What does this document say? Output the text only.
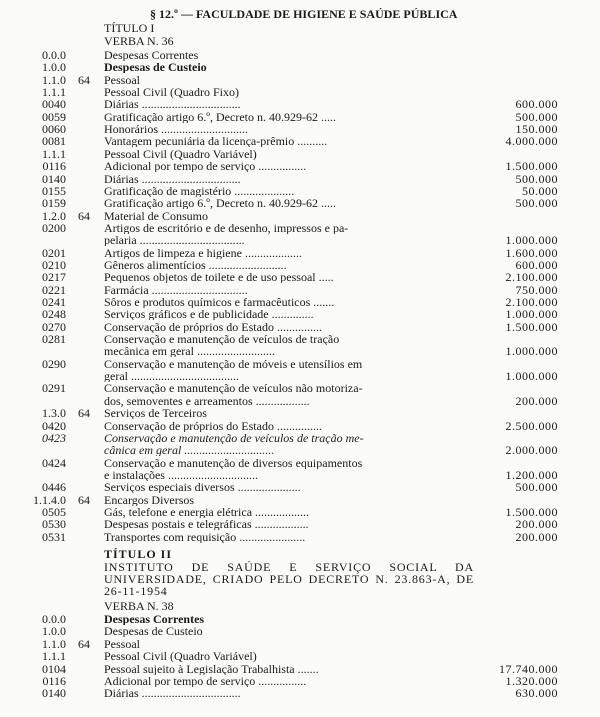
§ 12.º — FACULDADE DE HIGIENE E SAÚDE PÚBLICA
TÍTULO I
VERBA N. 36
0.0.0	Despesas Correntes
1.0.0	Despesas de Custeio
1.1.0 64	Pessoal
1.1.1	Pessoal Civil (Quadro Fixo)
0040	Diárias .................................	600.000
0059	Gratificação artigo 6.º, Decreto n. 40.929-62 .....	500.000
0060	Honorários .............................	150.000
0081	Vantagem pecuniária da licença-prêmio ..........	4.000.000
1.1.1	Pessoal Civil (Quadro Variável)
0116	Adicional por tempo de serviço ................	1.500.000
0140	Diárias .................................	500.000
0155	Gratificação de magistério ....................	50.000
0159	Gratificação artigo 6.º, Decreto n. 40.929-62 .....	500.000
1.2.0 64	Material de Consumo
0200	Artigos de escritório e de desenho, impressos e pa-
pelaria ...................................	1.000.000
0201	Artigos de limpeza e higiene ...................	1.600.000
0210	Gêneros alimentícios ..........................	600.000
0217	Pequenos objetos de toilete e de uso pessoal .....	2.100.000
0221	Farmácia ................................	750.000
0241	Sôros e produtos químicos e farmacêuticos .......	2.100.000
0248	Serviços gráficos e de publicidade ..............	1.000.000
0270	Conservação de próprios do Estado ...............	1.500.000
0281	Conservação e manutenção de veículos de tração
mecânica em geral ..........................	1.000.000
0290	Conservação e manutenção de móveis e utensílios em
geral ....................................	1.000.000
0291	Conservação e manutenção de veículos não motoriza-
dos, semoventes e arreamentos ..................	200.000
1.3.0 64	Serviços de Terceiros
0420	Conservação de próprios do Estado ...............	2.500.000
0423	Conservação e manutenção de veículos de tração me-
cânica em geral ..............................	2.000.000
0424	Conservação e manutenção de diversos equipamentos
e instalações ..............................	1.200.000
0446	Serviços especiais diversos .....................	500.000
1.1.4.0 64	Encargos Diversos
0505	Gás, telefone e energia elétrica ..................	1.500.000
0530	Despesas postais e telegráficas ..................	200.000
0531	Transportes com requisição ......................	200.000
TÍTULO II
INSTITUTO DE SAÚDE E SERVIÇO SOCIAL DA UNIVERSIDADE, CRIADO PELO DECRETO N. 23.863-A, DE 26-11-1954
VERBA N. 38
0.0.0	Despesas Correntes
1.0.0	Despesas de Custeio
1.1.0 64	Pessoal
1.1.1	Pessoal Civil (Quadro Variável)
0104	Pessoal sujeito à Legislação Trabalhista .......	17.740.000
0116	Adicional por tempo de serviço ................	1.320.000
0140	Diárias .................................	630.000
